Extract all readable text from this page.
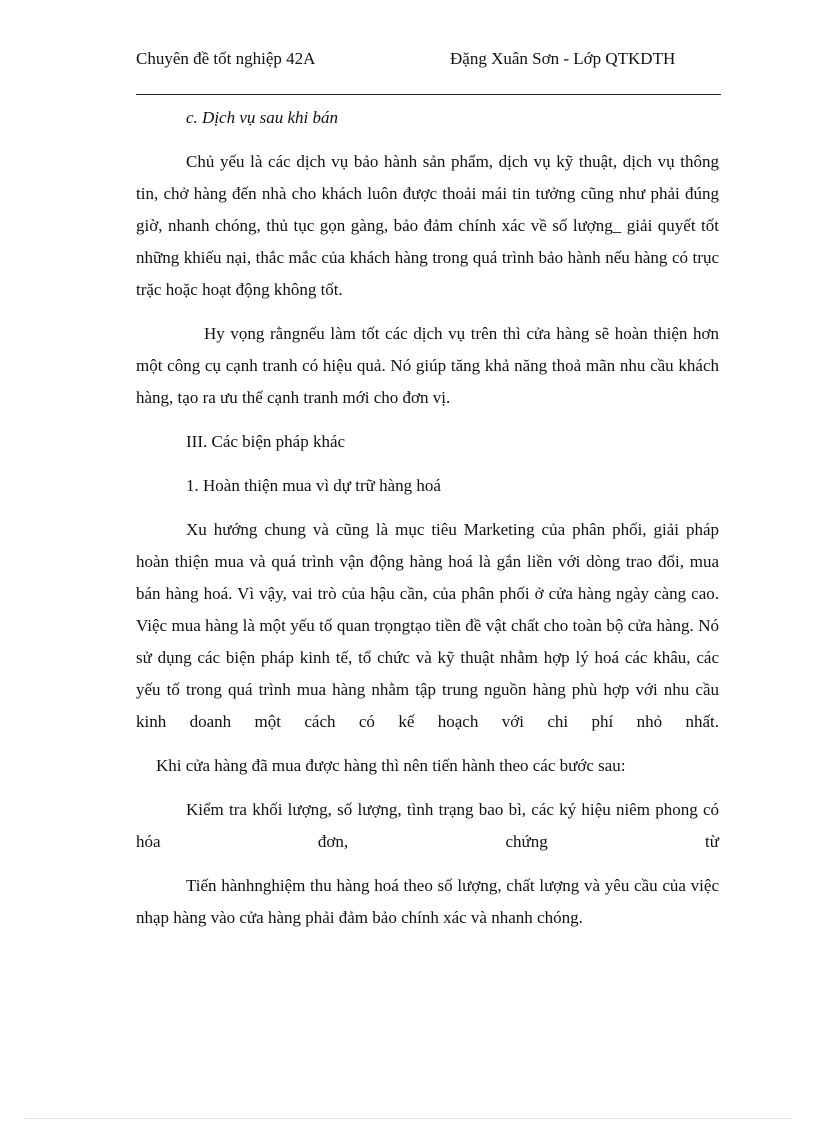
Chuyên đề tốt nghiệp 42A	Đặng Xuân Sơn - Lớp QTKDTH

c. Dịch vụ sau khi bán

Chủ yếu là các dịch vụ bảo hành sản phẩm, dịch vụ kỹ thuật, dịch vụ thông tin, chở hàng đến nhà cho khách luôn được thoải mái tin tưởng cũng như phải đúng giờ, nhanh chóng, thủ tục gọn gàng, bảo đảm chính xác về số lượng_ giải quyết tốt những khiếu nại, thắc mắc của khách hàng trong quá trình bảo hành nếu hàng có trục trặc hoặc hoạt động không tốt.

Hy vọng rằngnếu làm tốt các dịch vụ trên thì cửa hàng sẽ hoàn thiện hơn một công cụ cạnh tranh có hiệu quả. Nó giúp tăng khả năng thoả mãn nhu cầu khách hàng, tạo ra ưu thế cạnh tranh mới cho đơn vị.

III. Các biện pháp khác

1. Hoàn thiện mua vì dự trữ hàng hoá

Xu hướng chung và cũng là mục tiêu Marketing của phân phối, giải pháp hoàn thiện mua và quá trình vận động hàng hoá là gắn liền với dòng trao đổi, mua bán hàng hoá. Vì vậy, vai trò của hậu cần, của phân phối ở cửa hàng ngày càng cao. Việc mua hàng là một yếu tố quan trọngtạo tiền đề vật chất cho toàn bộ cửa hàng. Nó sử dụng các biện pháp kinh tế, tổ chức và kỹ thuật nhằm hợp lý hoá các khâu, các yếu tố trong quá trình mua hàng nhằm tập trung nguồn hàng phù hợp với nhu cầu kinh doanh một cách có kế hoạch với chi phí nhỏ nhất.

Khi cửa hàng đã mua được hàng thì nên tiến hành theo các bước sau:

Kiểm tra khối lượng, số lượng, tình trạng bao bì, các ký hiệu niêm phong có hóa đơn, chứng từ

Tiến hànhnghiệm thu hàng hoá theo số lượng, chất lượng và yêu cầu của việc nhạp hàng vào cửa hàng phải đảm bảo chính xác và nhanh chóng.
